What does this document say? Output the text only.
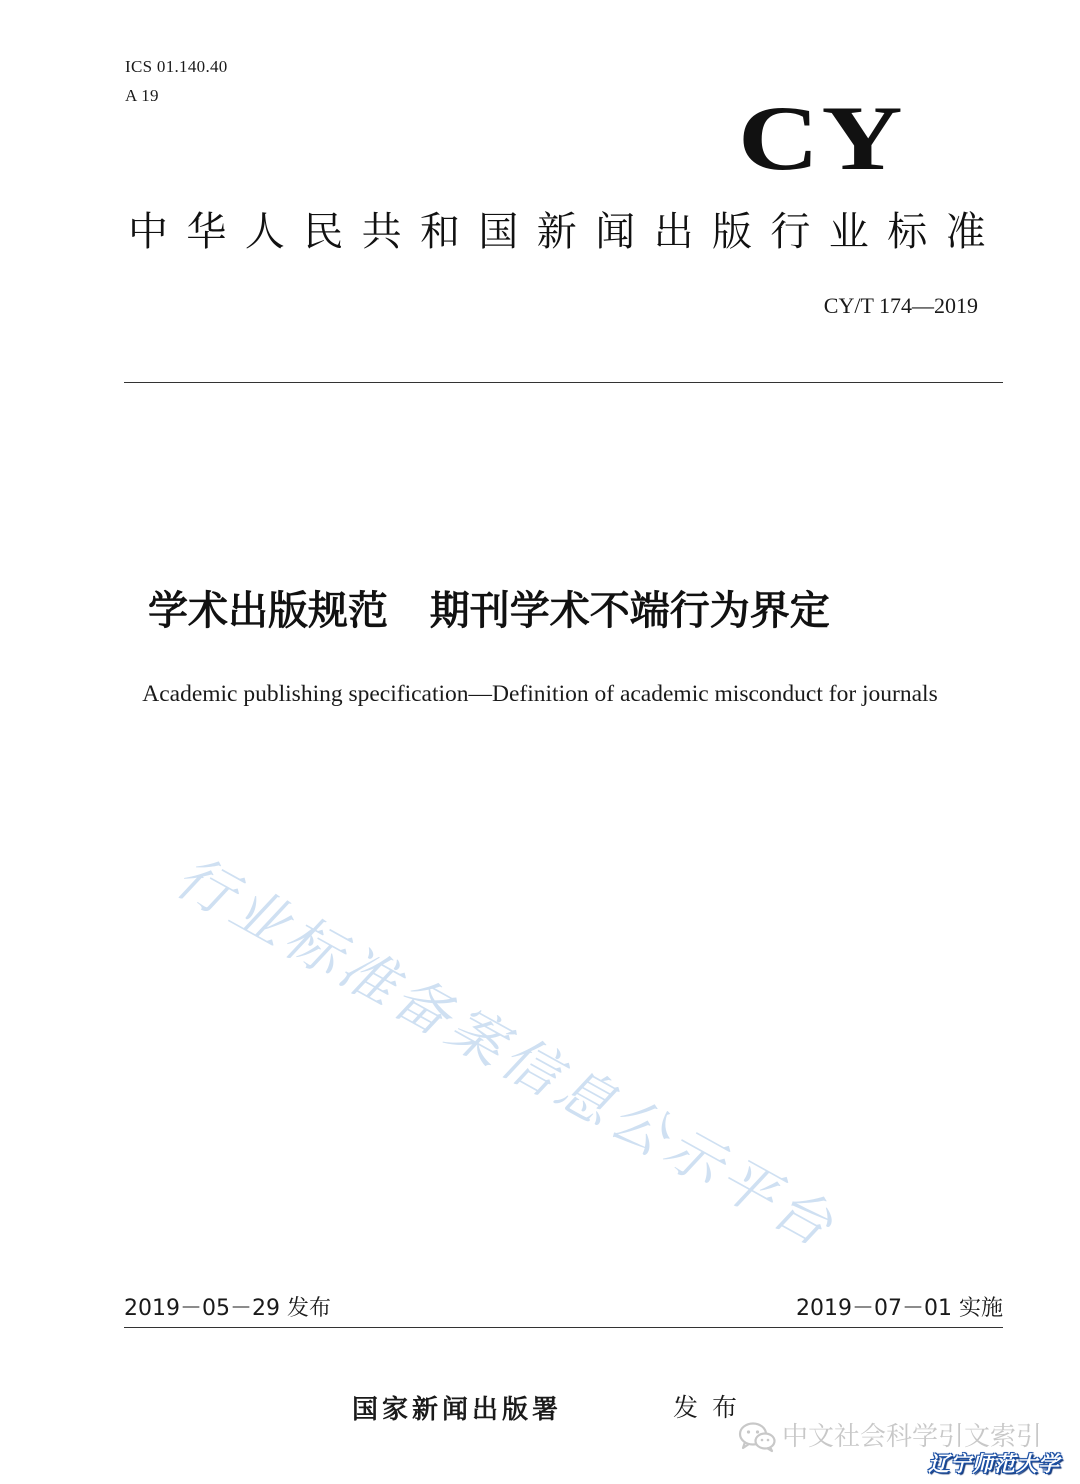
ICS 01.140.40
A 19	CY
中华人民共和国新闻出版行业标准
CY/T 174—2019
学术出版规范   期刊学术不端行为界定
Academic publishing specification—Definition of academic misconduct for journals
行业标准备案信息公示平台
2019－05－29 发布	2019－07－01 实施
国家新闻出版署	发布
中文社会科学引文索引
辽宁师范大学
